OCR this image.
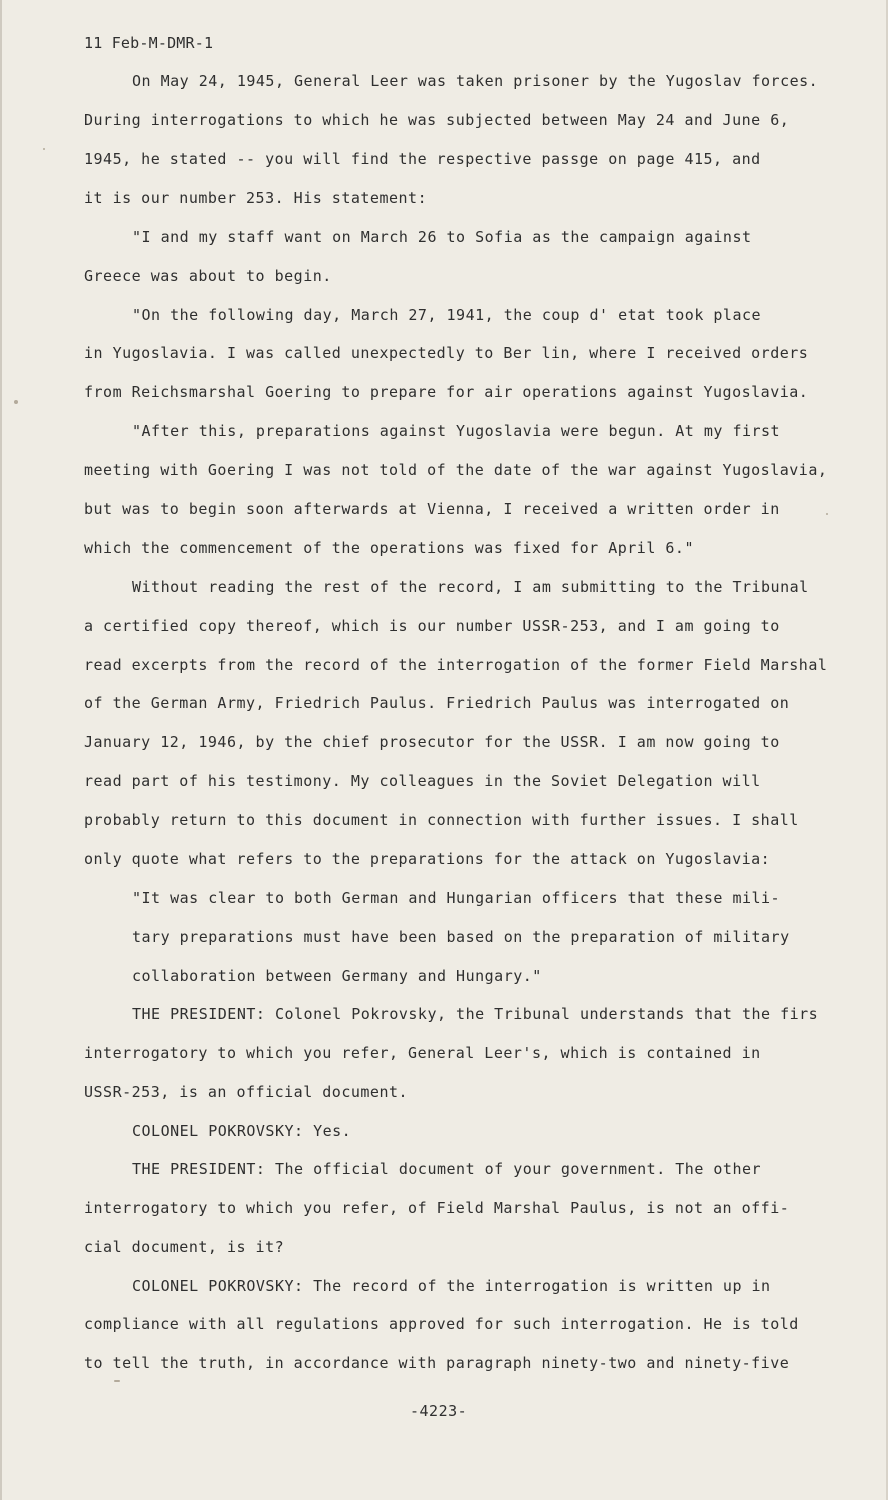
11 Feb-M-DMR-1
On May 24, 1945, General Leer was taken prisoner by the Yugoslav forces.
During interrogations to which he was subjected between May 24 and June 6,
1945, he stated -- you will find the respective passge on page 415, and
it is our number 253. His statement:
"I and my staff want on March 26 to Sofia as the campaign against
Greece was about to begin.
"On the following day, March 27, 1941, the coup d' etat took place
in Yugoslavia. I was called unexpectedly to Ber lin, where I received orders
from Reichsmarshal Goering to prepare for air operations against Yugoslavia.
"After this, preparations against Yugoslavia were begun. At my first
meeting with Goering I was not told of the date of the war against Yugoslavia,
but was to begin soon afterwards at Vienna, I received a written order in
which the commencement of the operations was fixed for April 6."
Without reading the rest of the record, I am submitting to the Tribunal
a certified copy thereof, which is our number USSR-253, and I am going to
read excerpts from the record of the interrogation of the former Field Marshal
of the German Army, Friedrich Paulus. Friedrich Paulus was interrogated on
January 12, 1946, by the chief prosecutor for the USSR. I am now going to
read part of his testimony. My colleagues in the Soviet Delegation will
probably return to this document in connection with further issues. I shall
only quote what refers to the preparations for the attack on Yugoslavia:
"It was clear to both German and Hungarian officers that these mili-
tary preparations must have been based on the preparation of military
collaboration between Germany and Hungary."
THE PRESIDENT: Colonel Pokrovsky, the Tribunal understands that the firs
interrogatory to which you refer, General Leer's, which is contained in
USSR-253, is an official document.
COLONEL POKROVSKY: Yes.
THE PRESIDENT: The official document of your government. The other
interrogatory to which you refer, of Field Marshal Paulus, is not an offi-
cial document, is it?
COLONEL POKROVSKY: The record of the interrogation is written up in
compliance with all regulations approved for such interrogation. He is told
to tell the truth, in accordance with paragraph ninety-two and ninety-five
-4223-
